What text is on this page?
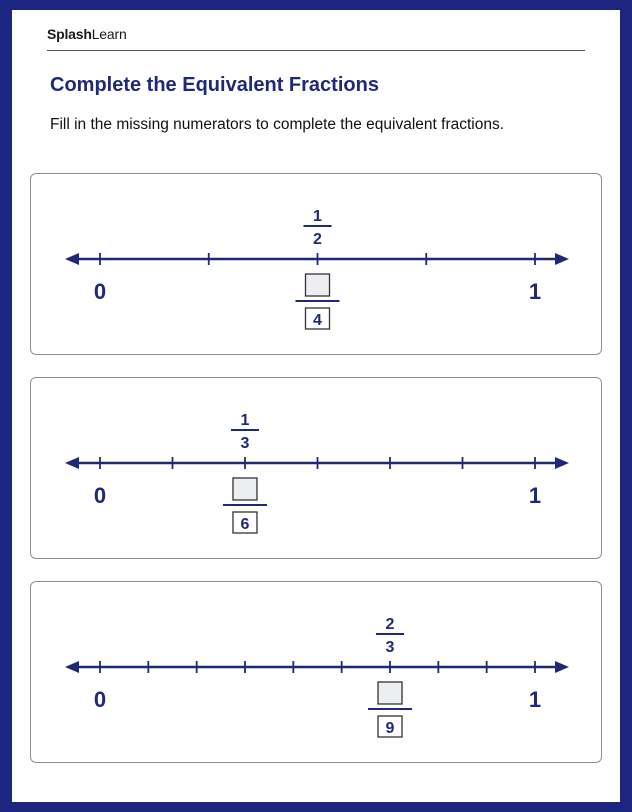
SplashLearn
Complete the Equivalent Fractions
Fill in the missing numerators to complete the equivalent fractions.
0	1
1
2
4
0	1
1
3
6
0	1
2
3
9
